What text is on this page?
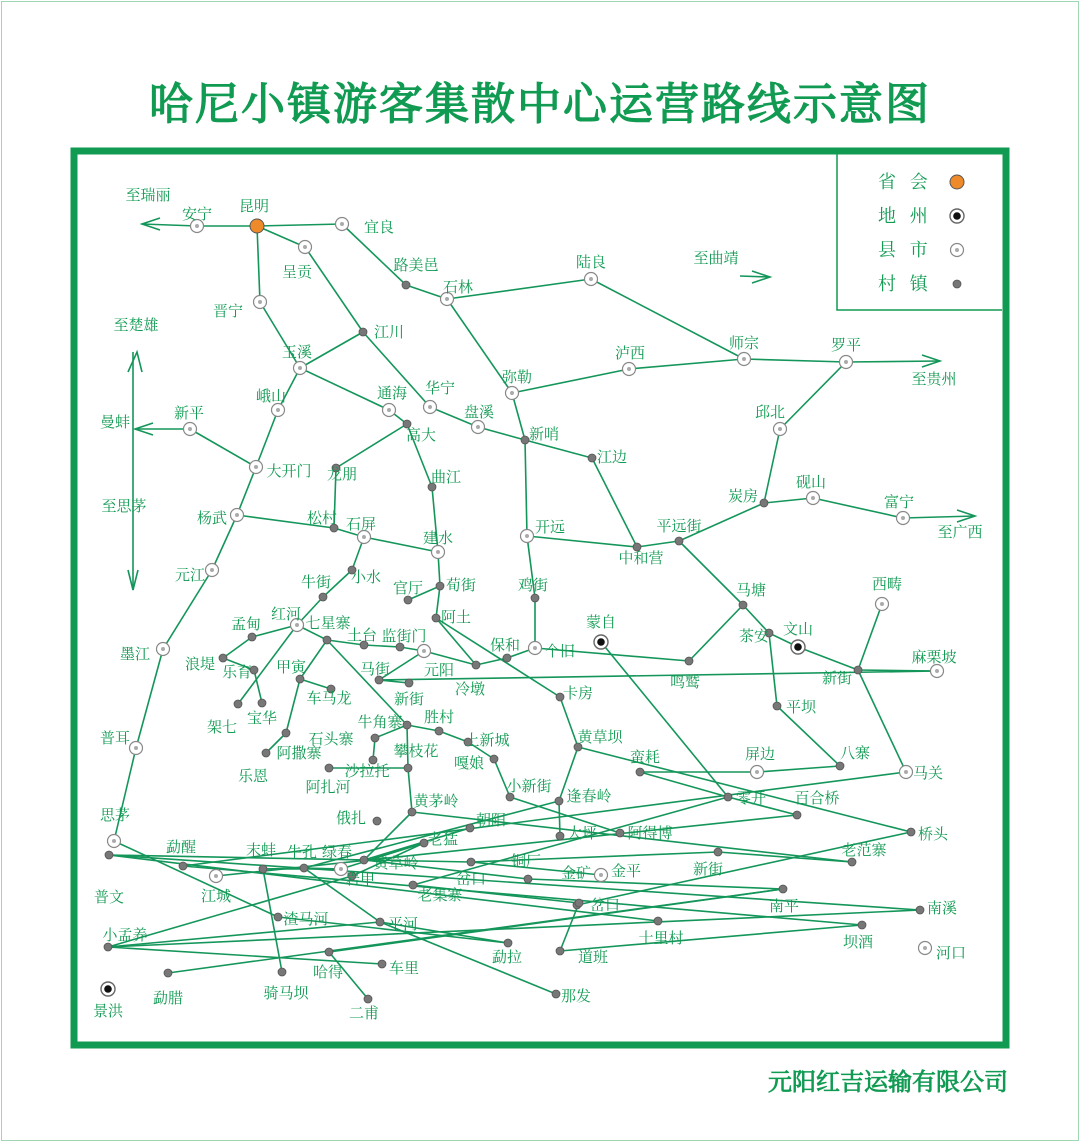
哈尼小镇游客集散中心运营路线示意图
省 会
地 州
县 市
村 镇
昆明
安宁
宜良
呈贡
晋宁
路美邑
石林
陆良
江川
玉溪	师宗
泸西	罗平
弥勒
华宁
通海
峨山
盘溪	邱北
新平
高大	新哨
江边
大开门 龙朋	曲江	砚山
炭房	富宁
杨武	松村 石屏	开远	平远街
中和营
建水
元江	小水
牛街	官厅 荀街	鸡街	西畴
马塘
蒙自
阿土
孟甸
红河 七星寨
土台 监街门	保和 个旧
茶安 文山
墨江
浪堤 乐育 甲寅	马街 元阳
冷墩	鸣鹫	新街
麻栗坡
车马龙	卡房
架七 宝华
新街	平坝
普耳
牛角寨 胜村
石头寨	上新城	黄草坝
阿撒寨	攀枝花
嘎娘	蛮耗	屏边	八寨
马关
乐恩	沙拉托
小新街
阿扎河
零开 百合桥
黄茅岭	逢春岭
思茅	俄扎	朝阳
大坪 阿得博	桥头
勐醒	末蚌 牛孔 绿春
老猛
黄草岭
老范寨
铜厂	新街
江城
岩甲
老集寨
岔口	金矿 金平
普文	南平	南溪
渣马河
岔口
平河
小孟养	十里村	坝酒
河口
勐拉	道班
哈得	车里
勐腊	骑马坝	那发
景洪	二甫
至瑞丽
至曲靖
至楚雄
至贵州
曼蚌
至思茅
至广西
元阳红吉运输有限公司
